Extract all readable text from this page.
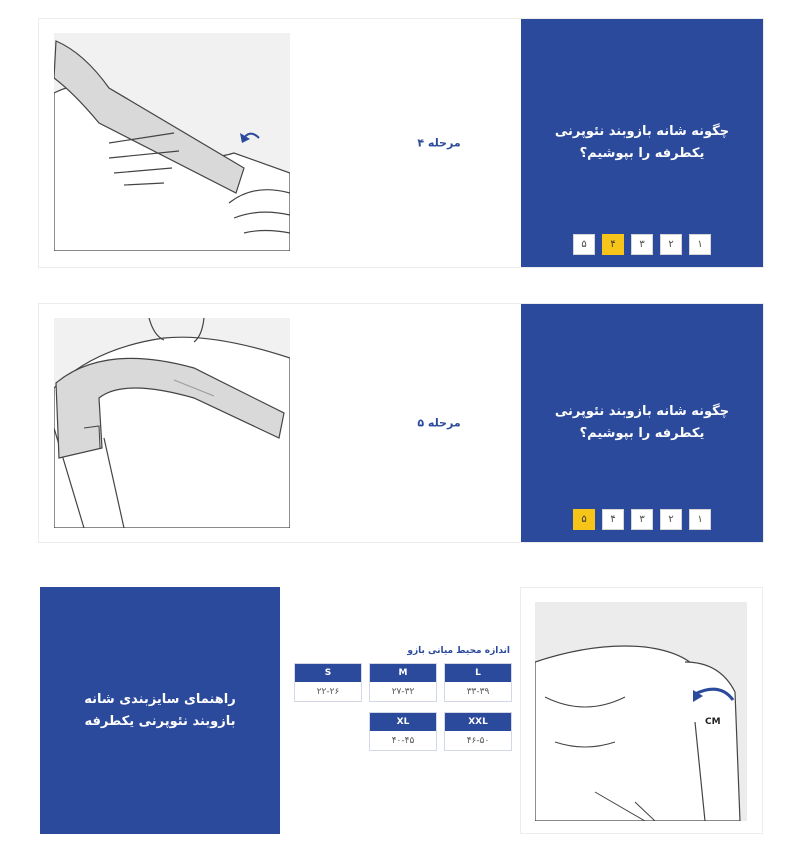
مرحله ۴
چگونه شانه بازوبند نئوپرنی یکطرفه را بپوشیم؟
۱
۲
۳
۴
۵
مرحله ۵
چگونه شانه بازوبند نئوپرنی یکطرفه را بپوشیم؟
۱
۲
۳
۴
۵
راهنمای سایزبندی شانه بازوبند نئوپرنی یکطرفه
اندازه محیط میانی بازو
L
۳۳-۳۹
M
۲۷-۳۲
S
۲۲-۲۶
XXL
۴۶-۵۰
XL
۴۰-۴۵
CM
